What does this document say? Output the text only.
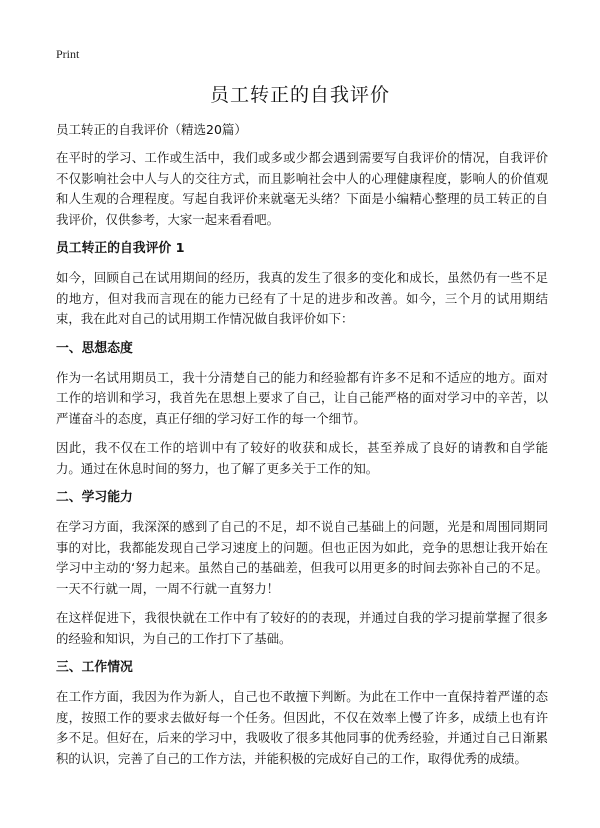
Print
员工转正的自我评价
员工转正的自我评价（精选20篇）

在平时的学习、工作或生活中，我们或多或少都会遇到需要写自我评价的情况，自我评价不仅影响社会中人与人的交往方式，而且影响社会中人的心理健康程度，影响人的价值观和人生观的合理程度。写起自我评价来就毫无头绪？下面是小编精心整理的员工转正的自我评价，仅供参考，大家一起来看看吧。

员工转正的自我评价 1

如今，回顾自己在试用期间的经历，我真的发生了很多的变化和成长，虽然仍有一些不足的地方，但对我而言现在的能力已经有了十足的进步和改善。如今，三个月的试用期结束，我在此对自己的试用期工作情况做自我评价如下：

一、思想态度

作为一名试用期员工，我十分清楚自己的能力和经验都有许多不足和不适应的地方。面对工作的培训和学习，我首先在思想上要求了自己，让自己能严格的面对学习中的辛苦，以严谨奋斗的态度，真正仔细的学习好工作的每一个细节。

因此，我不仅在工作的培训中有了较好的收获和成长，甚至养成了良好的请教和自学能力。通过在休息时间的努力，也了解了更多关于工作的知。

二、学习能力

在学习方面，我深深的感到了自己的不足，却不说自己基础上的问题，光是和周围同期同事的对比，我都能发现自己学习速度上的问题。但也正因为如此，竞争的思想让我开始在学习中主动的‘努力起来。虽然自己的基础差，但我可以用更多的时间去弥补自己的不足。一天不行就一周，一周不行就一直努力！

在这样促进下，我很快就在工作中有了较好的的表现，并通过自我的学习提前掌握了很多的经验和知识，为自己的工作打下了基础。

三、工作情况

在工作方面，我因为作为新人，自己也不敢擅下判断。为此在工作中一直保持着严谨的态度，按照工作的要求去做好每一个任务。但因此，不仅在效率上慢了许多，成绩上也有许多不足。但好在，后来的学习中，我吸收了很多其他同事的优秀经验，并通过自己日渐累积的认识，完善了自己的工作方法，并能积极的完成好自己的工作，取得优秀的成绩。
